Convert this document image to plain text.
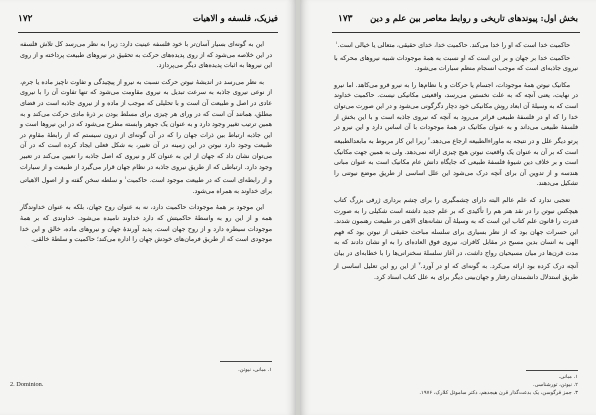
۱۷۲	فیزیک، فلسفه و الاهیات

این به گونه‌ای بسیار آسان‌تر با خود فلسفه عینیت دارد: زیرا به نظر می‌رسد کل تلاش فلسفه در این خلاصه می‌شود که از روی پدیده‌های حرکت به تحقیق در نیروهای طبیعت پرداخته و از روی این نیروها به اثبات پدیده‌های دیگر می‌پردازد.

به نظر می‌رسد در اندیشهٔ نیوتن حرکت نسبت به نیرو از پیچیدگی و تفاوت ناچیز ماده یا جرم، از نوعی نیروی جاذبه به سرعت تبدیل به نیروی مقاومت می‌شود که تنها تفاوت آن را با نیروی عادی در اصل و طبیعت آن است و با تحلیلی که موجب از ماده و از نیروی جاذبه است در فضای مطلق، همانند آن است که در ورای هر چیزی برای مسلط بودن بر ذرهٔ مادی حرکت می‌کند و به همین ترتیب تغییر وجود دارد و به عنوان یک جوهر وابسته مطرح می‌شود که در این نیروها است و این جاذبه ارتباط بین ذرات جهان را که در آن گونه‌ای از درون سیستم که از رابطهٔ مقاوم در طبیعت وجود دارد نیوتن در این زمینه در آن تغییر، به شکل فعلی ایجاد کرده است که در آن می‌توان نشان داد که جهان از این به عنوان کار و نیروی که اصل جاذبه را تعیین می‌کند در تعبیر وجود دارد. ارتباطی که از طریق نیروی جاذبه در نظام جهان قرار می‌گیرد از طبیعت و از سیارات و از رابطه‌ای است که در طبیعت موجود است. حاکمیت$^۱$ و سلطه سخن گفته و از اصول الاهیاتی برای خداوند به همراه می‌شود.

این موجود بر همهٔ موجودات حاکمیت دارد، نه به عنوان روح جهان، بلکه به عنوان خداوندگار همه و از این رو به واسطهٔ حاکمیتش که دارد خداوند نامیده می‌شود. خداوندی که بر همهٔ موجودات سیطره دارد و از روح جهان است. پدید آورندهٔ جهان و نیروهای ماده، خالق و این خدا موجودی است که از طریق فرمان‌های خودش جهان را اداره می‌کند؛ حاکمیت و سلطهٔ خالقی.

۱. مبانی، نیوتن.
2. Dominion.
۱۷۳ بخش اول: پیوندهای تاریخی و روابط معاصر بین علم و دین

حاکمیت خدا است که او را خدا می‌کند. حاکمیت خدا، خدای حقیقی، متعالی یا خیالی است.$^۱$

حاکمیت خدا بر جهان و بر این است که او نسبت به همهٔ موجودات شبیه نیروهای محرکه با نیروی جاذبه‌ای است که موجب انسجام منظم سیارات می‌شود.

مکانیک نیوتن همهٔ موجودات، اجسام یا حرکات و یا نظام‌ها را به نیرو فرو می‌کاهد. اما نیرو در نهایت، یعنی آنچه که به علت نخستین می‌رسد، واقعیتی مکانیکی نیست. حاکمیت خداوند است که به وسیلهٔ آن ابعاد روش مکانیکی خود دچار دگرگونی می‌شود و در این صورت می‌توان خدا را که او در فلسفهٔ طبیعی فراتر می‌رود به آنچه که نیروی جاذبه است و با این بخش از فلسفهٔ طبیعی می‌داند و به عنوان مکانیک در همهٔ موجودات با آن اساس دارد و این نیرو در پرتو دیگر علل و در نتیجه به ماوراءالطبیعه ارجاع می‌دهد.$^۲$ زیرا این کار مربوط به مابعدالطبیعه است که بر آن به عنوان یک واقعیت نیوتن هیچ چیزی ارائه نمی‌دهد. ولی به همین جهت مکانیک است و بر خلاف دین شیوهٔ فلسفهٔ طبیعی که جایگاه دانش عام مکانیک است به عنوان مبانی هندسه و از تدوین آن برای آنچه درک می‌شود این علل اساسی از طریق موضع نیوتنی را تشکیل می‌دهند.

تعجبی ندارد که علم عالم البته دارای چشمگیری را برای چشم برداری ژرفی بزرگ کتاب هیچکس نیوتن را در نقد هنر هم را تأکیدی که بر علم جدید داشته است شکیلی را به صورت قدرت را قانون علم کتاب این است که به وسیلهٔ آن نشانه‌های الاهی در طبیعت رهنمون شدند. این حسرات جهان بود که از نظر بسیاری برای سلسله مباحث حقیقی از نیوتن بود که فهم الهی به انسان بدین مسیح در مقابل کافران، نیروی فوق العاده‌ای را به او نشان دادند که به مدت قرن‌ها در میان مسیحیان رواج داشت، در آغاز سلسلهٔ سخنرانی‌ها را با خطابه‌ای در بیان آنچه درک کرده بود ارائه می‌کرد. به گونه‌ای که او در آورد.$^۳$ از این رو این تعلیل اساسی از طریق استدلال دانشمندان رفتار و جهان‌بینی دیگر برای به علل کتاب اسناد کرد.

۱. مبانی.
۲. نیوتن، تورشناسی.
۳. جمز فرگوسن، یک بدعت‌گذار قرن هیجدهم، دکتر ساموئل کلارک، ۱۹۷۶.
